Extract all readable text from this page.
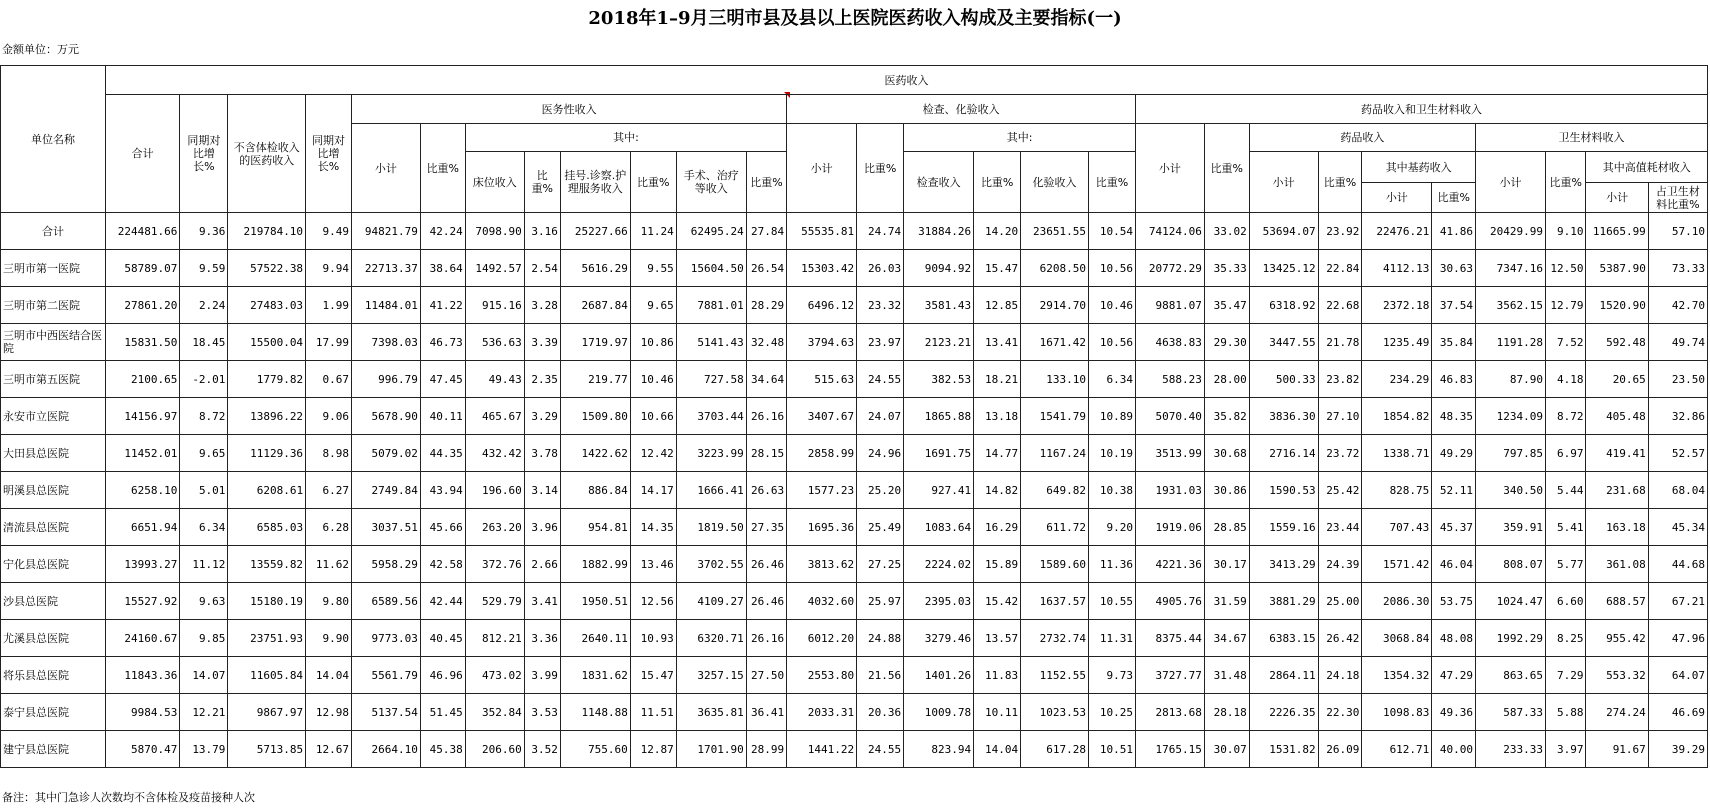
2018年1–9月三明市县及县以上医院医药收入构成及主要指标(一)
金额单位：万元
单位名称	医药收入																											
	合计	同期对比增长%	不含体检收入的医药收入	同期对比增长%	医务性收入								检查、化验收入						药品收入和卫生材料收入									
					小计	比重%	其中:						小计	比重%	其中:				小计	比重%	药品收入				卫生材料收入			
							床位收入	比重%	挂号.诊察.护理服务收入	比重%	手术、治疗等收入	比重%			检查收入	比重%	化验收入	比重%			小计	比重%	其中基药收入		小计	比重%	其中高值耗材收入	
																							小计	比重%			小计	占卫生材料比重%
合计	224481.66	9.36	219784.10	9.49	94821.79	42.24	7098.90	3.16	25227.66	11.24	62495.24	27.84	55535.81	24.74	31884.26	14.20	23651.55	10.54	74124.06	33.02	53694.07	23.92	22476.21	41.86	20429.99	9.10	11665.99	57.10
三明市第一医院	58789.07	9.59	57522.38	9.94	22713.37	38.64	1492.57	2.54	5616.29	9.55	15604.50	26.54	15303.42	26.03	9094.92	15.47	6208.50	10.56	20772.29	35.33	13425.12	22.84	4112.13	30.63	7347.16	12.50	5387.90	73.33
三明市第二医院	27861.20	2.24	27483.03	1.99	11484.01	41.22	915.16	3.28	2687.84	9.65	7881.01	28.29	6496.12	23.32	3581.43	12.85	2914.70	10.46	9881.07	35.47	6318.92	22.68	2372.18	37.54	3562.15	12.79	1520.90	42.70
三明市中西医结合医院	15831.50	18.45	15500.04	17.99	7398.03	46.73	536.63	3.39	1719.97	10.86	5141.43	32.48	3794.63	23.97	2123.21	13.41	1671.42	10.56	4638.83	29.30	3447.55	21.78	1235.49	35.84	1191.28	7.52	592.48	49.74
三明市第五医院	2100.65	-2.01	1779.82	0.67	996.79	47.45	49.43	2.35	219.77	10.46	727.58	34.64	515.63	24.55	382.53	18.21	133.10	6.34	588.23	28.00	500.33	23.82	234.29	46.83	87.90	4.18	20.65	23.50
永安市立医院	14156.97	8.72	13896.22	9.06	5678.90	40.11	465.67	3.29	1509.80	10.66	3703.44	26.16	3407.67	24.07	1865.88	13.18	1541.79	10.89	5070.40	35.82	3836.30	27.10	1854.82	48.35	1234.09	8.72	405.48	32.86
大田县总医院	11452.01	9.65	11129.36	8.98	5079.02	44.35	432.42	3.78	1422.62	12.42	3223.99	28.15	2858.99	24.96	1691.75	14.77	1167.24	10.19	3513.99	30.68	2716.14	23.72	1338.71	49.29	797.85	6.97	419.41	52.57
明溪县总医院	6258.10	5.01	6208.61	6.27	2749.84	43.94	196.60	3.14	886.84	14.17	1666.41	26.63	1577.23	25.20	927.41	14.82	649.82	10.38	1931.03	30.86	1590.53	25.42	828.75	52.11	340.50	5.44	231.68	68.04
清流县总医院	6651.94	6.34	6585.03	6.28	3037.51	45.66	263.20	3.96	954.81	14.35	1819.50	27.35	1695.36	25.49	1083.64	16.29	611.72	9.20	1919.06	28.85	1559.16	23.44	707.43	45.37	359.91	5.41	163.18	45.34
宁化县总医院	13993.27	11.12	13559.82	11.62	5958.29	42.58	372.76	2.66	1882.99	13.46	3702.55	26.46	3813.62	27.25	2224.02	15.89	1589.60	11.36	4221.36	30.17	3413.29	24.39	1571.42	46.04	808.07	5.77	361.08	44.68
沙县总医院	15527.92	9.63	15180.19	9.80	6589.56	42.44	529.79	3.41	1950.51	12.56	4109.27	26.46	4032.60	25.97	2395.03	15.42	1637.57	10.55	4905.76	31.59	3881.29	25.00	2086.30	53.75	1024.47	6.60	688.57	67.21
尤溪县总医院	24160.67	9.85	23751.93	9.90	9773.03	40.45	812.21	3.36	2640.11	10.93	6320.71	26.16	6012.20	24.88	3279.46	13.57	2732.74	11.31	8375.44	34.67	6383.15	26.42	3068.84	48.08	1992.29	8.25	955.42	47.96
将乐县总医院	11843.36	14.07	11605.84	14.04	5561.79	46.96	473.02	3.99	1831.62	15.47	3257.15	27.50	2553.80	21.56	1401.26	11.83	1152.55	9.73	3727.77	31.48	2864.11	24.18	1354.32	47.29	863.65	7.29	553.32	64.07
泰宁县总医院	9984.53	12.21	9867.97	12.98	5137.54	51.45	352.84	3.53	1148.88	11.51	3635.81	36.41	2033.31	20.36	1009.78	10.11	1023.53	10.25	2813.68	28.18	2226.35	22.30	1098.83	49.36	587.33	5.88	274.24	46.69
建宁县总医院	5870.47	13.79	5713.85	12.67	2664.10	45.38	206.60	3.52	755.60	12.87	1701.90	28.99	1441.22	24.55	823.94	14.04	617.28	10.51	1765.15	30.07	1531.82	26.09	612.71	40.00	233.33	3.97	91.67	39.29
备注：其中门急诊人次数均不含体检及疫苗接种人次
